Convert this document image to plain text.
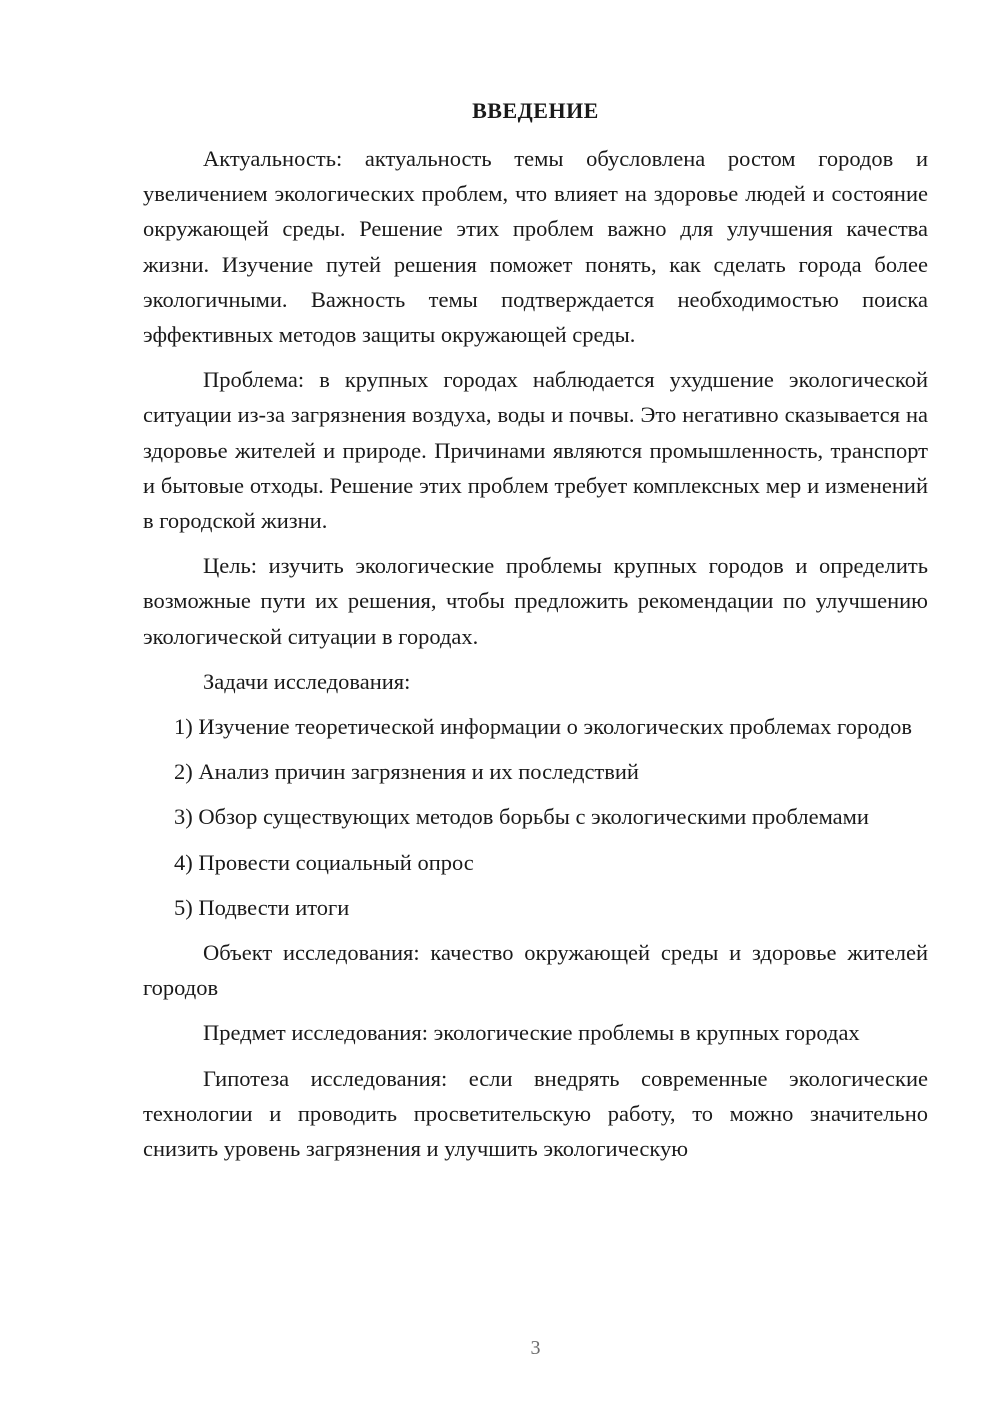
ВВЕДЕНИЕ

Актуальность: актуальность темы обусловлена ростом городов и увеличением экологических проблем, что влияет на здоровье людей и состояние окружающей среды. Решение этих проблем важно для улучшения качества жизни. Изучение путей решения поможет понять, как сделать города более экологичными. Важность темы подтверждается необходимостью поиска эффективных методов защиты окружающей среды.

Проблема: в крупных городах наблюдается ухудшение экологической ситуации из-за загрязнения воздуха, воды и почвы. Это негативно сказывается на здоровье жителей и природе. Причинами являются промышленность, транспорт и бытовые отходы. Решение этих проблем требует комплексных мер и изменений в городской жизни.

Цель: изучить экологические проблемы крупных городов и определить возможные пути их решения, чтобы предложить рекомендации по улучшению экологической ситуации в городах.

Задачи исследования:

1) Изучение теоретической информации о экологических проблемах городов

2) Анализ причин загрязнения и их последствий

3) Обзор существующих методов борьбы с экологическими проблемами

4) Провести социальный опрос

5) Подвести итоги

Объект исследования: качество окружающей среды и здоровье жителей городов

Предмет исследования: экологические проблемы в крупных городах

Гипотеза исследования: если внедрять современные экологические технологии и проводить просветительскую работу, то можно значительно снизить уровень загрязнения и улучшить экологическую

3
